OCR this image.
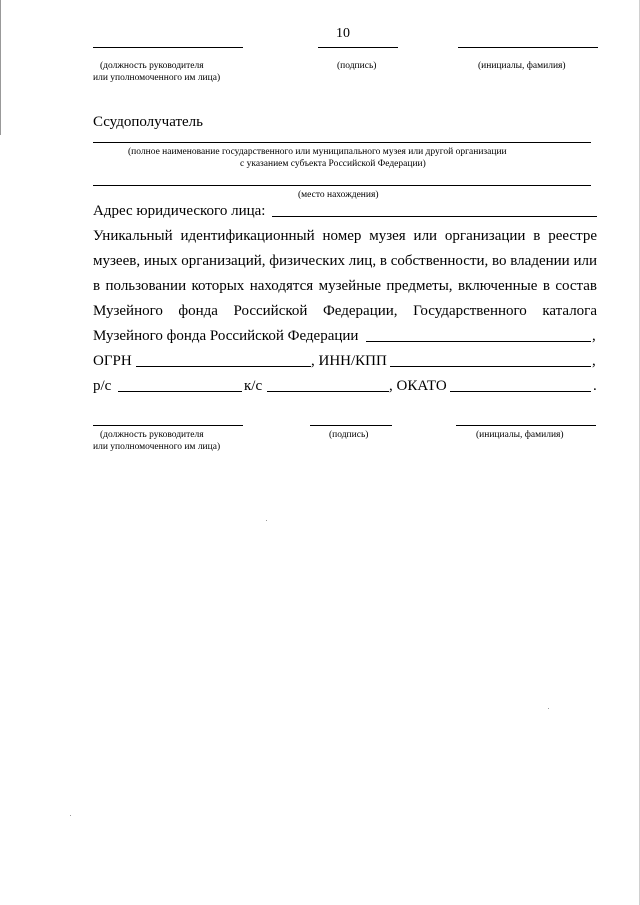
10
(должность руководителя
или уполномоченного им лица)
(подпись)	(инициалы, фамилия)
Ссудополучатель
(полное наименование государственного или муниципального музея или другой организации
с указанием субъекта Российской Федерации)
(место нахождения)
Адрес юридического лица:
Уникальный идентификационный номер музея или организации в реестре
музеев, иных организаций, физических лиц, в собственности, во владении или
в пользовании которых находятся музейные предметы, включенные в состав
Музейного фонда Российской Федерации, Государственного каталога
Музейного фонда Российской Федерации	,
ОГРН	, ИНН/КПП	,
р/с	к/с	, ОКАТО	.
(должность руководителя
или уполномоченного им лица)
(подпись)	(инициалы, фамилия)
